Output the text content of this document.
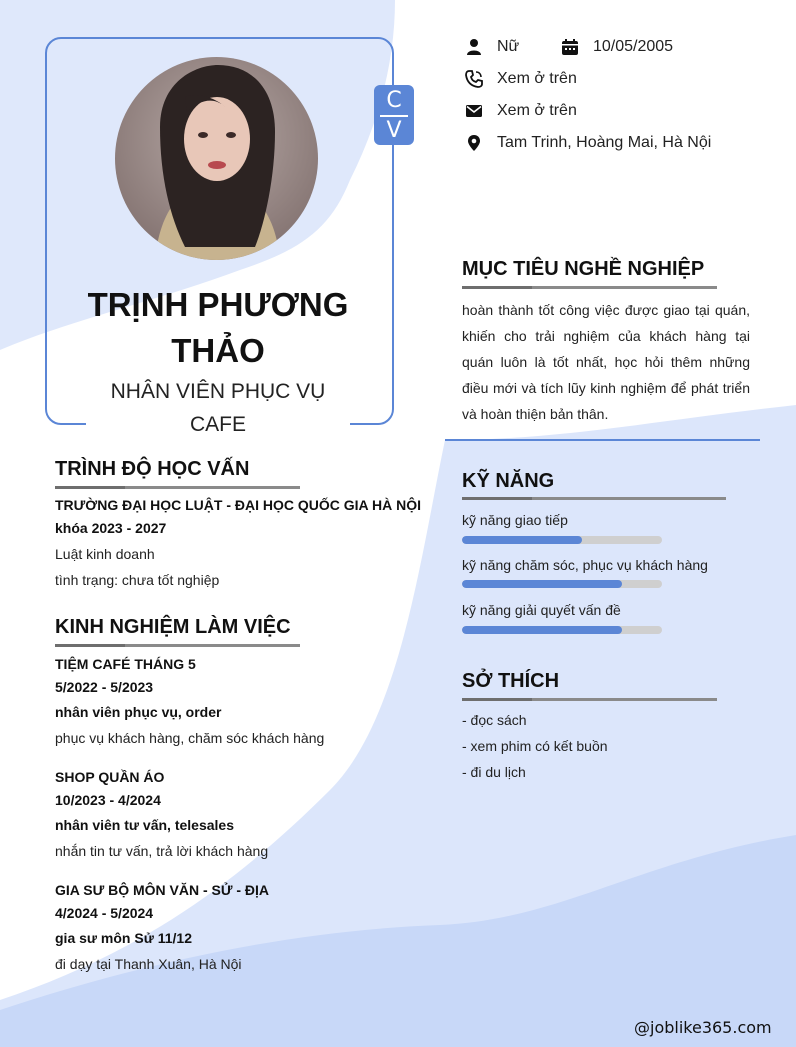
C
V
TRỊNH PHƯƠNG THẢO
NHÂN VIÊN PHỤC VỤ CAFE
Nữ	10/05/2005
Xem ở trên
Xem ở trên
Tam Trinh, Hoàng Mai, Hà Nội
MỤC TIÊU NGHỀ NGHIỆP
hoàn thành tốt công việc được giao tại quán, khiến cho trải nghiệm của khách hàng tại quán luôn là tốt nhất, học hỏi thêm những điều mới và tích lũy kinh nghiệm để phát triển và hoàn thiện bản thân.
KỸ NĂNG
kỹ năng giao tiếp
kỹ năng chăm sóc, phục vụ khách hàng
kỹ năng giải quyết vấn đề
SỞ THÍCH
- đọc sách
- xem phim có kết buồn
- đi du lịch
TRÌNH ĐỘ HỌC VẤN
TRƯỜNG ĐẠI HỌC LUẬT - ĐẠI HỌC QUỐC GIA HÀ NỘI
khóa 2023 - 2027
Luật kinh doanh
tình trạng: chưa tốt nghiệp
KINH NGHIỆM LÀM VIỆC
TIỆM CAFÉ THÁNG 5
5/2022 - 5/2023
nhân viên phục vụ, order
phục vụ khách hàng, chăm sóc khách hàng
SHOP QUẦN ÁO
10/2023 - 4/2024
nhân viên tư vấn, telesales
nhắn tin tư vấn, trả lời khách hàng
GIA SƯ BỘ MÔN VĂN - SỬ - ĐỊA
4/2024 - 5/2024
gia sư môn Sử 11/12
đi dạy tại Thanh Xuân, Hà Nội
@joblike365.com
